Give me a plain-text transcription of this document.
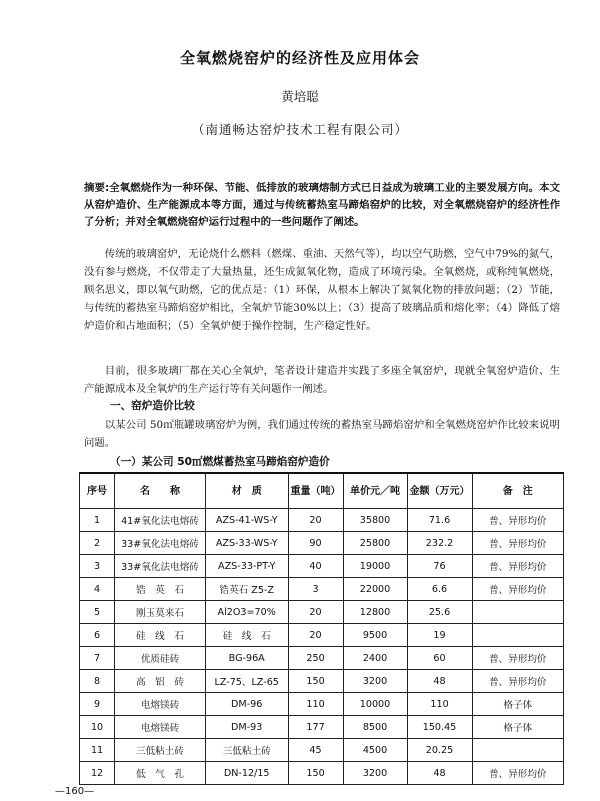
全氧燃烧窑炉的经济性及应用体会
黄培聪
（南通畅达窑炉技术工程有限公司）
摘要:全氧燃烧作为一种环保、节能、低排放的玻璃熔制方式已日益成为玻璃工业的主要发展方向。本文从窑炉造价、生产能源成本等方面，通过与传统蓄热室马蹄焰窑炉的比较，对全氧燃烧窑炉的经济性作了分析；并对全氧燃烧窑炉运行过程中的一些问题作了阐述。
传统的玻璃窑炉，无论烧什么燃料（燃煤、重油、天然气等），均以空气助燃，空气中79%的氮气，没有参与燃烧，不仅带走了大量热量，还生成氮氧化物，造成了环境污染。全氧燃烧，或称纯氧燃烧，顾名思义，即以氧气助燃，它的优点是：（1）环保，从根本上解决了氮氧化物的排放问题；（2）节能，与传统的蓄热室马蹄焰窑炉相比，全氧炉节能30%以上；（3）提高了玻璃品质和熔化率；（4）降低了熔炉造价和占地面积；（5）全氧炉便于操作控制，生产稳定性好。
目前，很多玻璃厂都在关心全氧炉，笔者设计建造并实践了多座全氧窑炉，现就全氧窑炉造价、生产能源成本及全氧炉的生产运行等有关问题作一阐述。
一、窑炉造价比较
以某公司 50㎡瓶罐玻璃窑炉为例，我们通过传统的蓄热室马蹄焰窑炉和全氧燃烧窑炉作比较来说明问题。
（一）某公司 50㎡燃煤蓄热室马蹄焰窑炉造价
序号	名　　称	材　质	重量（吨）	单价元／吨	金额（万元）	备　注
1	41#氧化法电熔砖	AZS-41-WS-Y	20	35800	71.6	普、异形均价
2	33#氧化法电熔砖	AZS-33-WS-Y	90	25800	232.2	普、异形均价
3	33#氧化法电熔砖	AZS-33-PT-Y	40	19000	76	普、异形均价
4	锆　英　石	锆英石 Z5-Z	3	22000	6.6	普、异形均价
5	刚玉莫来石	Al2O3=70%	20	12800	25.6	
6	硅　线　石	硅　线　石	20	9500	19	
7	优质硅砖	BG-96A	250	2400	60	普、异形均价
8	高　铝　砖	LZ-75、LZ-65	150	3200	48	普、异形均价
9	电熔镁砖	DM-96	110	10000	110	格子体
10	电熔镁砖	DM-93	177	8500	150.45	格子体
11	三低粘土砖	三低粘土砖	45	4500	20.25	
12	低　气　孔	DN-12/15	150	3200	48	普、异形均价
—160—
